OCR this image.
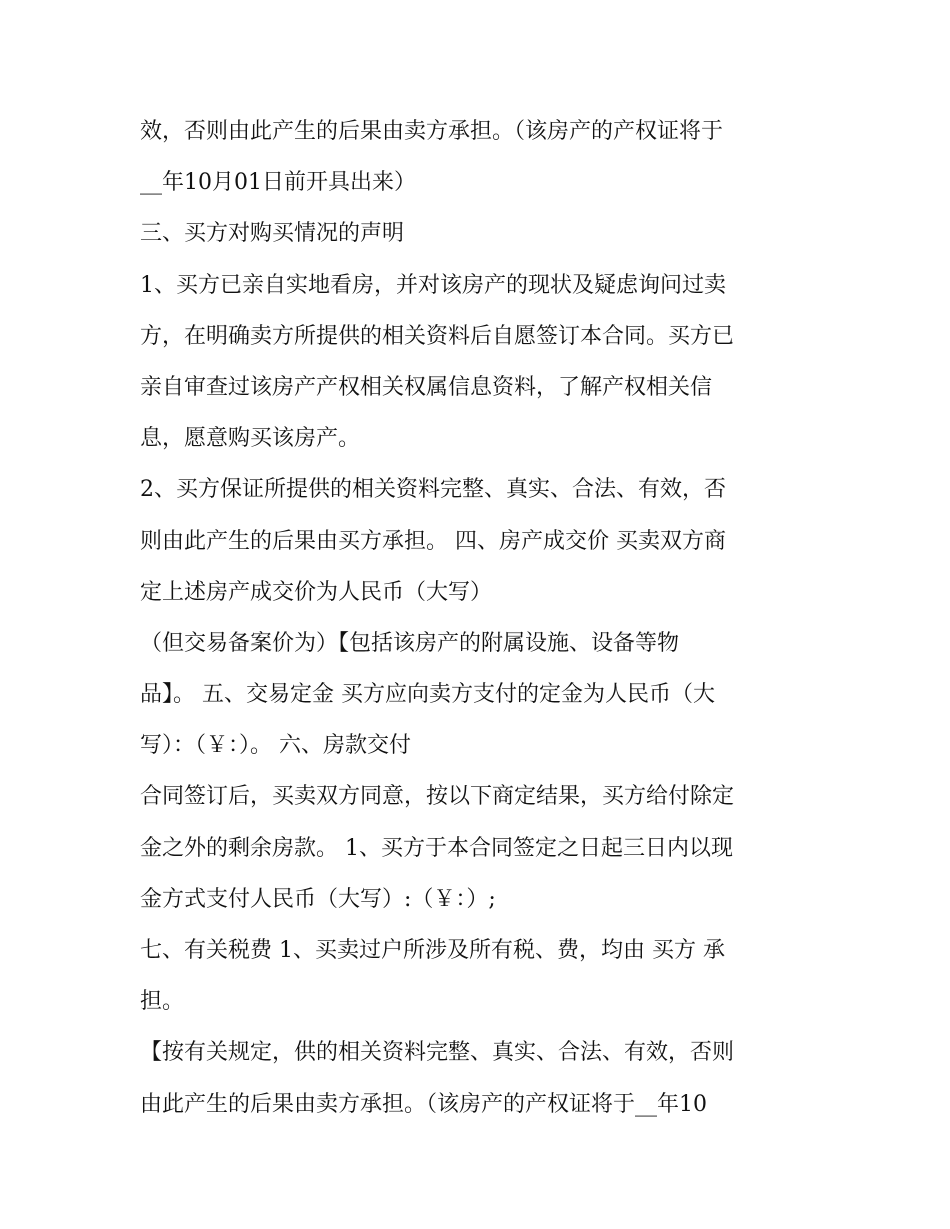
效，否则由此产生的后果由卖方承担。（该房产的产权证将于
__年10月01日前开具出来）
三、买方对购买情况的声明
1、买方已亲自实地看房，并对该房产的现状及疑虑询问过卖
方，在明确卖方所提供的相关资料后自愿签订本合同。买方已
亲自审查过该房产产权相关权属信息资料，了解产权相关信
息，愿意购买该房产。
2、买方保证所提供的相关资料完整、真实、合法、有效，否
则由此产生的后果由买方承担。 四、房产成交价 买卖双方商
定上述房产成交价为人民币（大写）
（但交易备案价为）【包括该房产的附属设施、设备等物
品】。 五、交易定金 买方应向卖方支付的定金为人民币（大
写）：（￥：）。 六、房款交付
合同签订后，买卖双方同意，按以下商定结果，买方给付除定
金之外的剩余房款。 1、买方于本合同签定之日起三日内以现
金方式支付人民币（大写）:（￥：）;
七、有关税费 1、买卖过户所涉及所有税、费，均由 买方 承
担。
【按有关规定，供的相关资料完整、真实、合法、有效，否则
由此产生的后果由卖方承担。（该房产的产权证将于__年10
